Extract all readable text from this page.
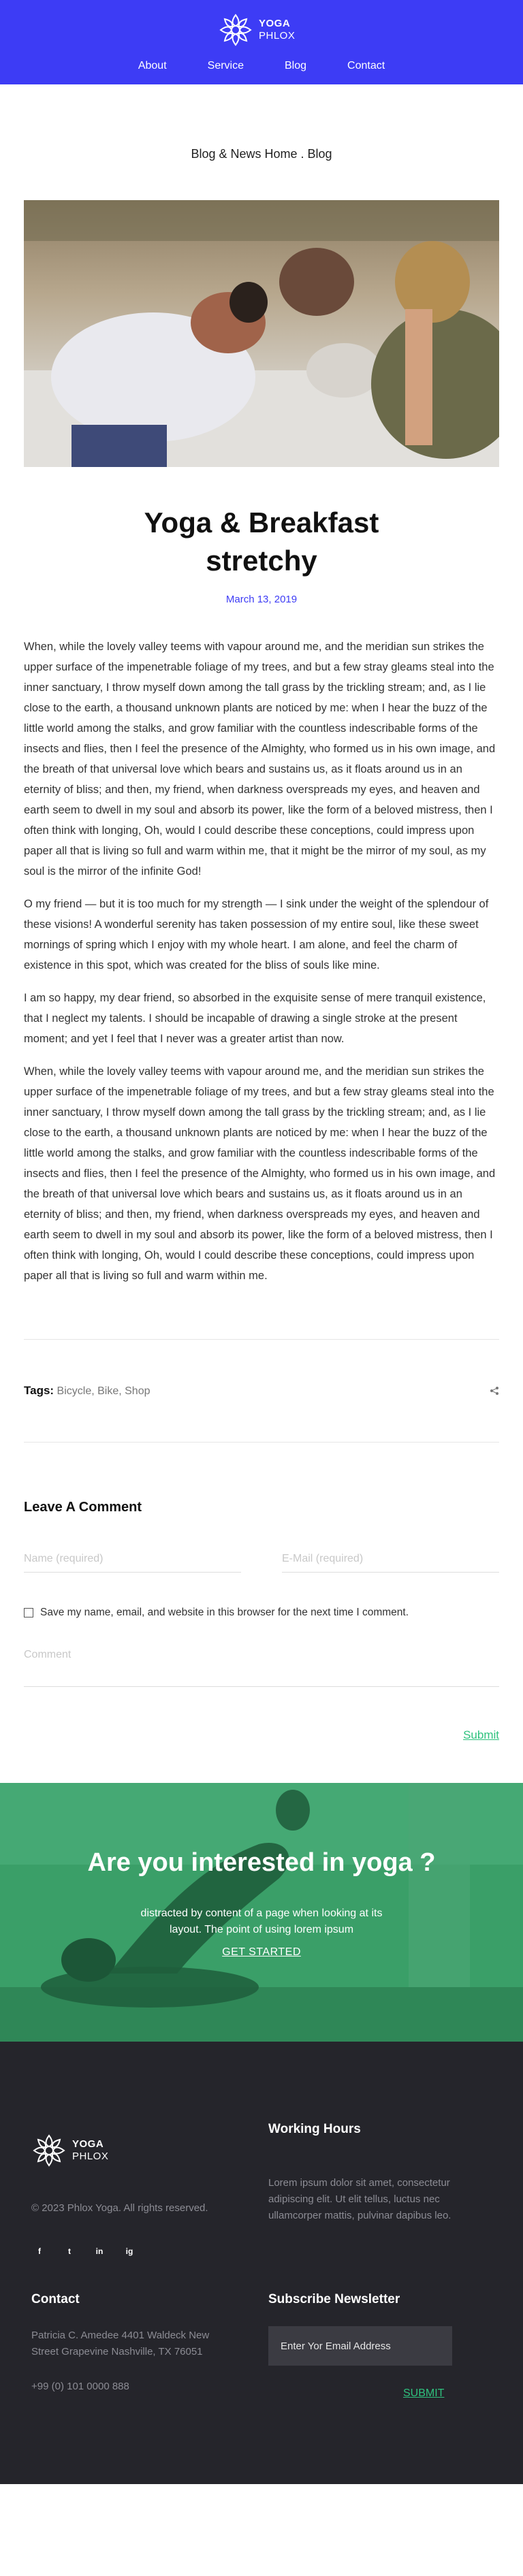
YOGA
PHLOX
About	Service	Blog	Contact
Blog & News Home . Blog
Yoga & Breakfast stretchy
March 13, 2019

When, while the lovely valley teems with vapour around me, and the meridian sun strikes the upper surface of the impenetrable foliage of my trees, and but a few stray gleams steal into the inner sanctuary, I throw myself down among the tall grass by the trickling stream; and, as I lie close to the earth, a thousand unknown plants are noticed by me: when I hear the buzz of the little world among the stalks, and grow familiar with the countless indescribable forms of the insects and flies, then I feel the presence of the Almighty, who formed us in his own image, and the breath of that universal love which bears and sustains us, as it floats around us in an eternity of bliss; and then, my friend, when darkness overspreads my eyes, and heaven and earth seem to dwell in my soul and absorb its power, like the form of a beloved mistress, then I often think with longing, Oh, would I could describe these conceptions, could impress upon paper all that is living so full and warm within me, that it might be the mirror of my soul, as my soul is the mirror of the infinite God!

O my friend — but it is too much for my strength — I sink under the weight of the splendour of these visions! A wonderful serenity has taken possession of my entire soul, like these sweet mornings of spring which I enjoy with my whole heart. I am alone, and feel the charm of existence in this spot, which was created for the bliss of souls like mine.

I am so happy, my dear friend, so absorbed in the exquisite sense of mere tranquil existence, that I neglect my talents. I should be incapable of drawing a single stroke at the present moment; and yet I feel that I never was a greater artist than now.

When, while the lovely valley teems with vapour around me, and the meridian sun strikes the upper surface of the impenetrable foliage of my trees, and but a few stray gleams steal into the inner sanctuary, I throw myself down among the tall grass by the trickling stream; and, as I lie close to the earth, a thousand unknown plants are noticed by me: when I hear the buzz of the little world among the stalks, and grow familiar with the countless indescribable forms of the insects and flies, then I feel the presence of the Almighty, who formed us in his own image, and the breath of that universal love which bears and sustains us, as it floats around us in an eternity of bliss; and then, my friend, when darkness overspreads my eyes, and heaven and earth seem to dwell in my soul and absorb its power, like the form of a beloved mistress, then I often think with longing, Oh, would I could describe these conceptions, could impress upon paper all that is living so full and warm within me.

Tags: Bicycle, Bike, Shop
Leave A Comment
Name (required)
E-Mail (required)
Save my name, email, and website in this browser for the next time I comment.
Comment
Submit
Are you interested in yoga ?

distracted by content of a page when looking at its layout. The point of using lorem ipsum

GET STARTED
YOGA
PHLOX
© 2023 Phlox Yoga. All rights reserved.
f	t	in	ig
Contact

Patricia C. Amedee 4401 Waldeck New Street Grapevine Nashville, TX 76051

+99 (0) 101 0000 888

Working Hours

Lorem ipsum dolor sit amet, consectetur adipiscing elit. Ut elit tellus, luctus nec ullamcorper mattis, pulvinar dapibus leo.

Subscribe Newsletter
Enter Yor Email Address
SUBMIT
